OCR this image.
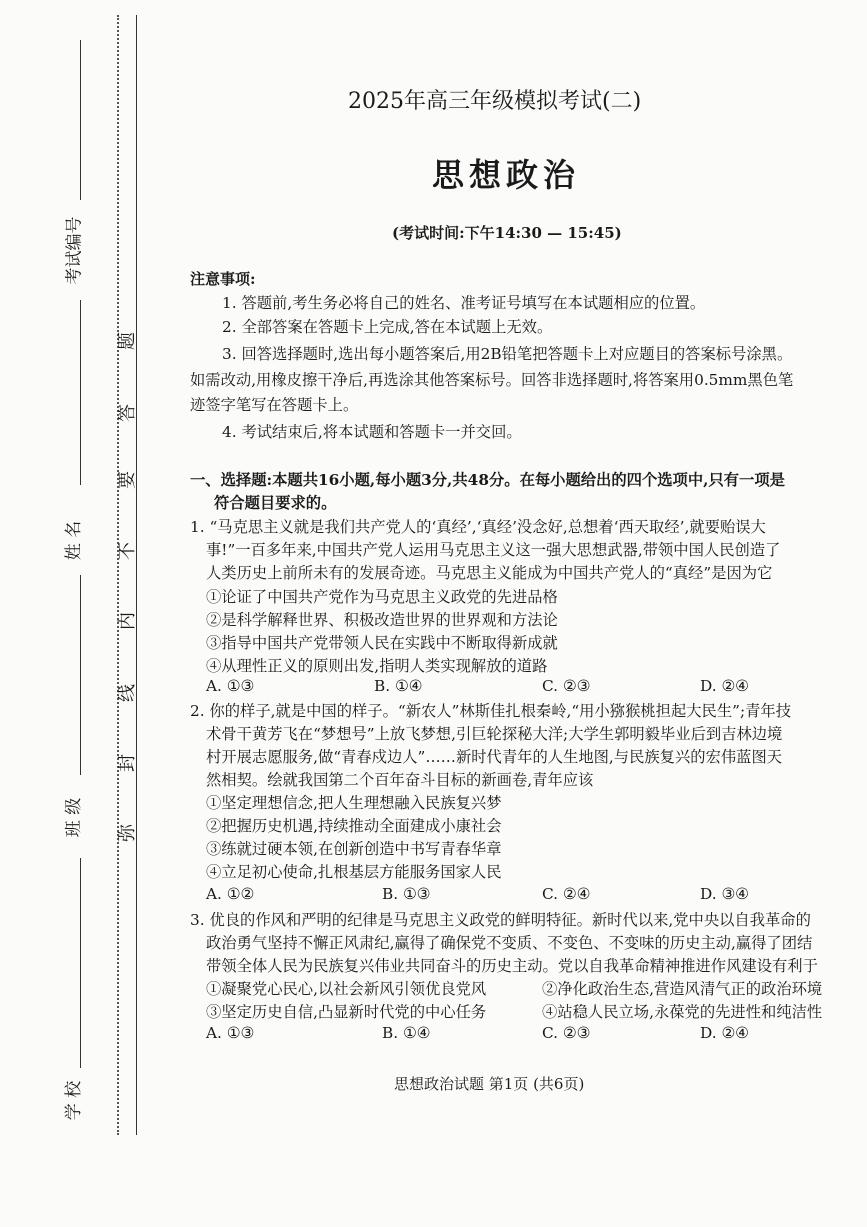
考试编号
姓 名
班 级
学 校
题
答
要
不
内
线
封
弥
2025年高三年级模拟考试(二)
思想政治
(考试时间:下午14:30 — 15:45)
注意事项:
1. 答题前,考生务必将自己的姓名、准考证号填写在本试题相应的位置。
2. 全部答案在答题卡上完成,答在本试题上无效。
3. 回答选择题时,选出每小题答案后,用2B铅笔把答题卡上对应题目的答案标号涂黑。
如需改动,用橡皮擦干净后,再选涂其他答案标号。回答非选择题时,将答案用0.5mm黑色笔
迹签字笔写在答题卡上。
4. 考试结束后,将本试题和答题卡一并交回。
一、选择题:本题共16小题,每小题3分,共48分。在每小题给出的四个选项中,只有一项是
符合题目要求的。
1. “马克思主义就是我们共产党人的‘真经’,‘真经’没念好,总想着‘西天取经’,就要贻误大
事!”一百多年来,中国共产党人运用马克思主义这一强大思想武器,带领中国人民创造了
人类历史上前所未有的发展奇迹。马克思主义能成为中国共产党人的“真经”是因为它
①论证了中国共产党作为马克思主义政党的先进品格
②是科学解释世界、积极改造世界的世界观和方法论
③指导中国共产党带领人民在实践中不断取得新成就
④从理性正义的原则出发,指明人类实现解放的道路
A. ①③	B. ①④	C. ②③	D. ②④
2. 你的样子,就是中国的样子。“新农人”林斯佳扎根秦岭,“用小猕猴桃担起大民生”;青年技
术骨干黄芳飞在“梦想号”上放飞梦想,引巨轮探秘大洋;大学生郭明毅毕业后到吉林边境
村开展志愿服务,做“青春戍边人”……新时代青年的人生地图,与民族复兴的宏伟蓝图天
然相契。绘就我国第二个百年奋斗目标的新画卷,青年应该
①坚定理想信念,把人生理想融入民族复兴梦
②把握历史机遇,持续推动全面建成小康社会
③练就过硬本领,在创新创造中书写青春华章
④立足初心使命,扎根基层方能服务国家人民
A. ①②	B. ①③	C. ②④	D. ③④
3. 优良的作风和严明的纪律是马克思主义政党的鲜明特征。新时代以来,党中央以自我革命的
政治勇气坚持不懈正风肃纪,赢得了确保党不变质、不变色、不变味的历史主动,赢得了团结
带领全体人民为民族复兴伟业共同奋斗的历史主动。党以自我革命精神推进作风建设有利于
①凝聚党心民心,以社会新风引领优良党风	②净化政治生态,营造风清气正的政治环境
③坚定历史自信,凸显新时代党的中心任务	④站稳人民立场,永葆党的先进性和纯洁性
A. ①③	B. ①④	C. ②③	D. ②④
思想政治试题 第1页 (共6页)
